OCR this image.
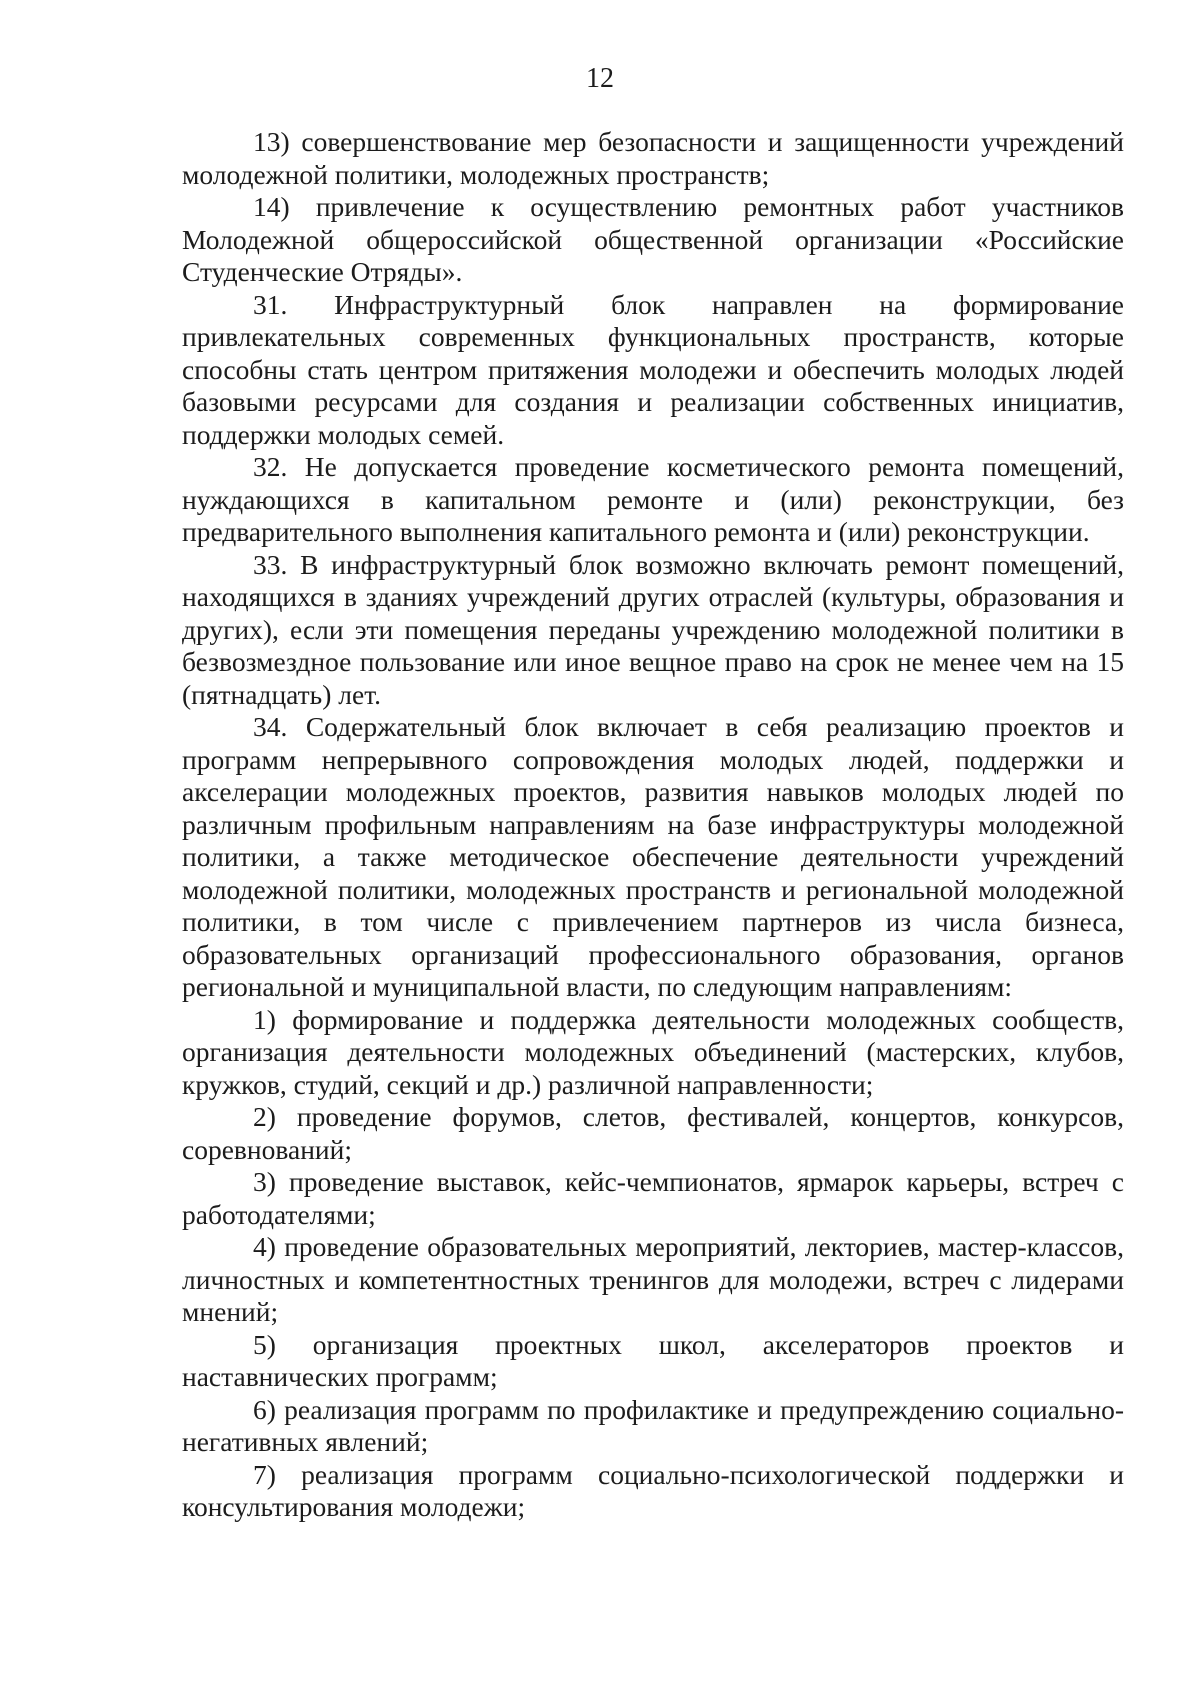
12

13) совершенствование мер безопасности и защищенности учреждений молодежной политики, молодежных пространств;

14) привлечение к осуществлению ремонтных работ участников Молодежной общероссийской общественной организации «Российские Студенческие Отряды».

31. Инфраструктурный блок направлен на формирование привлекательных современных функциональных пространств, которые способны стать центром притяжения молодежи и обеспечить молодых людей базовыми ресурсами для создания и реализации собственных инициатив, поддержки молодых семей.

32. Не допускается проведение косметического ремонта помещений, нуждающихся в капитальном ремонте и (или) реконструкции, без предварительного выполнения капитального ремонта и (или) реконструкции.

33. В инфраструктурный блок возможно включать ремонт помещений, находящихся в зданиях учреждений других отраслей (культуры, образования и других), если эти помещения переданы учреждению молодежной политики в безвозмездное пользование или иное вещное право на срок не менее чем на 15 (пятнадцать) лет.

34. Содержательный блок включает в себя реализацию проектов и программ непрерывного сопровождения молодых людей, поддержки и акселерации молодежных проектов, развития навыков молодых людей по различным профильным направлениям на базе инфраструктуры молодежной политики, а также методическое обеспечение деятельности учреждений молодежной политики, молодежных пространств и региональной молодежной политики, в том числе с привлечением партнеров из числа бизнеса, образовательных организаций профессионального образования, органов региональной и муниципальной власти, по следующим направлениям:

1) формирование и поддержка деятельности молодежных сообществ, организация деятельности молодежных объединений (мастерских, клубов, кружков, студий, секций и др.) различной направленности;

2) проведение форумов, слетов, фестивалей, концертов, конкурсов, соревнований;

3) проведение выставок, кейс-чемпионатов, ярмарок карьеры, встреч с работодателями;

4) проведение образовательных мероприятий, лекториев, мастер-классов, личностных и компетентностных тренингов для молодежи, встреч с лидерами мнений;

5) организация проектных школ, акселераторов проектов и наставнических программ;

6) реализация программ по профилактике и предупреждению социально-негативных явлений;

7) реализация программ социально-психологической поддержки и консультирования молодежи;
